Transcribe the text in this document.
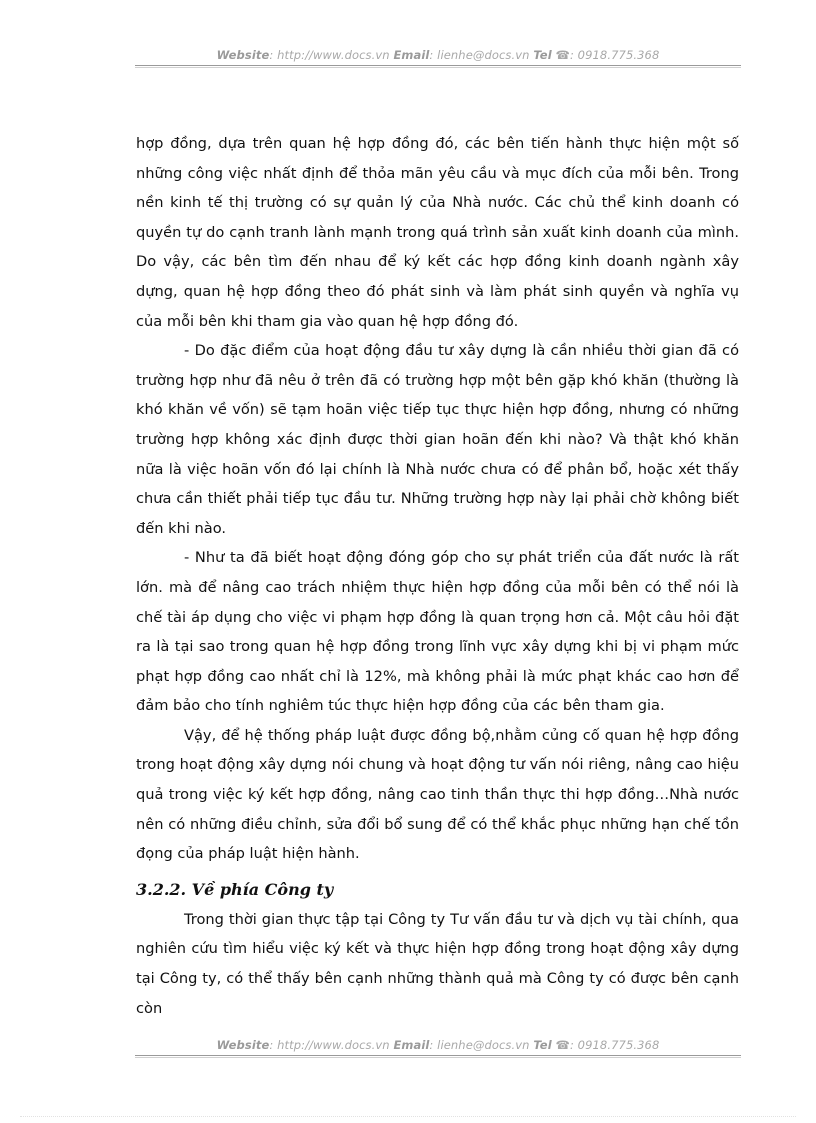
Website: http://www.docs.vn Email: lienhe@docs.vn Tel ☎: 0918.775.368

hợp đồng, dựa trên quan hệ hợp đồng đó, các bên tiến hành thực hiện một số những công việc nhất định để thỏa mãn yêu cầu và mục đích của mỗi bên. Trong nền kinh tế thị trường có sự quản lý của Nhà nước. Các chủ thể kinh doanh có quyền tự do cạnh tranh lành mạnh trong quá trình sản xuất kinh doanh của mình. Do vậy, các bên tìm đến nhau để ký kết các hợp đồng kinh doanh ngành xây dựng, quan hệ hợp đồng theo đó phát sinh và làm phát sinh quyền và nghĩa vụ của mỗi bên khi tham gia vào quan hệ hợp đồng đó.

- Do đặc điểm của hoạt động đầu tư xây dựng là cần nhiều thời gian đã có trường hợp như đã nêu ở trên đã có trường hợp một bên gặp khó khăn (thường là khó khăn về vốn) sẽ tạm hoãn việc tiếp tục thực hiện hợp đồng, nhưng có những trường hợp không xác định được thời gian hoãn đến khi nào? Và thật khó khăn nữa là việc hoãn vốn đó lại chính là Nhà nước chưa có để phân bổ, hoặc xét thấy chưa cần thiết phải tiếp tục đầu tư. Những trường hợp này lại phải chờ không biết đến khi nào.

- Như ta đã biết hoạt động đóng góp cho sự phát triển của đất nước là rất lớn. mà để nâng cao trách nhiệm thực hiện hợp đồng của mỗi bên có thể nói là chế tài áp dụng cho việc vi phạm hợp đồng là quan trọng hơn cả. Một câu hỏi đặt ra là tại sao trong quan hệ hợp đồng trong lĩnh vực xây dựng khi bị vi phạm mức phạt hợp đồng cao nhất chỉ là 12%, mà không phải là mức phạt khác cao hơn để đảm bảo cho tính nghiêm túc thực hiện hợp đồng của các bên tham gia.

Vậy, để hệ thống pháp luật được đồng bộ,nhằm củng cố quan hệ hợp đồng trong hoạt động xây dựng nói chung và hoạt động tư vấn nói riêng, nâng cao hiệu quả trong việc ký kết hợp đồng, nâng cao tinh thần thực thi hợp đồng…Nhà nước nên có những điều chỉnh, sửa đổi bổ sung để có thể khắc phục những hạn chế tồn đọng của pháp luật hiện hành.

3.2.2. Về phía Công ty

Trong thời gian thực tập tại Công ty Tư vấn đầu tư và dịch vụ tài chính, qua nghiên cứu tìm hiểu việc ký kết và thực hiện hợp đồng trong hoạt động xây dựng tại Công ty, có thể thấy bên cạnh những thành quả mà Công ty có được bên cạnh còn

Website: http://www.docs.vn Email: lienhe@docs.vn Tel ☎: 0918.775.368
